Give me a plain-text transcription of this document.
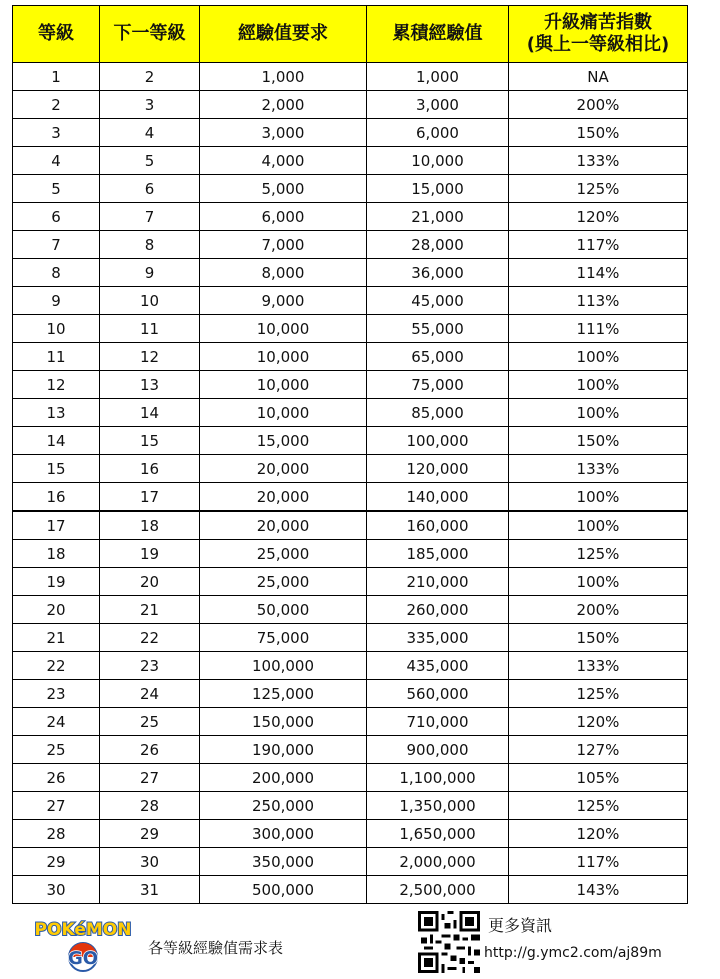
等級	下一等級	經驗值要求	累積經驗值	升級痛苦指數
(與上一等級相比)

1	2	1,000	1,000	NA
2	3	2,000	3,000	200%
3	4	3,000	6,000	150%
4	5	4,000	10,000	133%
5	6	5,000	15,000	125%
6	7	6,000	21,000	120%
7	8	7,000	28,000	117%
8	9	8,000	36,000	114%
9	10	9,000	45,000	113%
10	11	10,000	55,000	111%
11	12	10,000	65,000	100%
12	13	10,000	75,000	100%
13	14	10,000	85,000	100%
14	15	15,000	100,000	150%
15	16	20,000	120,000	133%
16	17	20,000	140,000	100%
17	18	20,000	160,000	100%
18	19	25,000	185,000	125%
19	20	25,000	210,000	100%
20	21	50,000	260,000	200%
21	22	75,000	335,000	150%
22	23	100,000	435,000	133%
23	24	125,000	560,000	125%
24	25	150,000	710,000	120%
25	26	190,000	900,000	127%
26	27	200,000	1,100,000	105%
27	28	250,000	1,350,000	125%
28	29	300,000	1,650,000	120%
29	30	350,000	2,000,000	117%
30	31	500,000	2,500,000	143%
POKéMON
GO	各等級經驗值需求表
更多資訊
http://g.ymc2.com/aj89m
